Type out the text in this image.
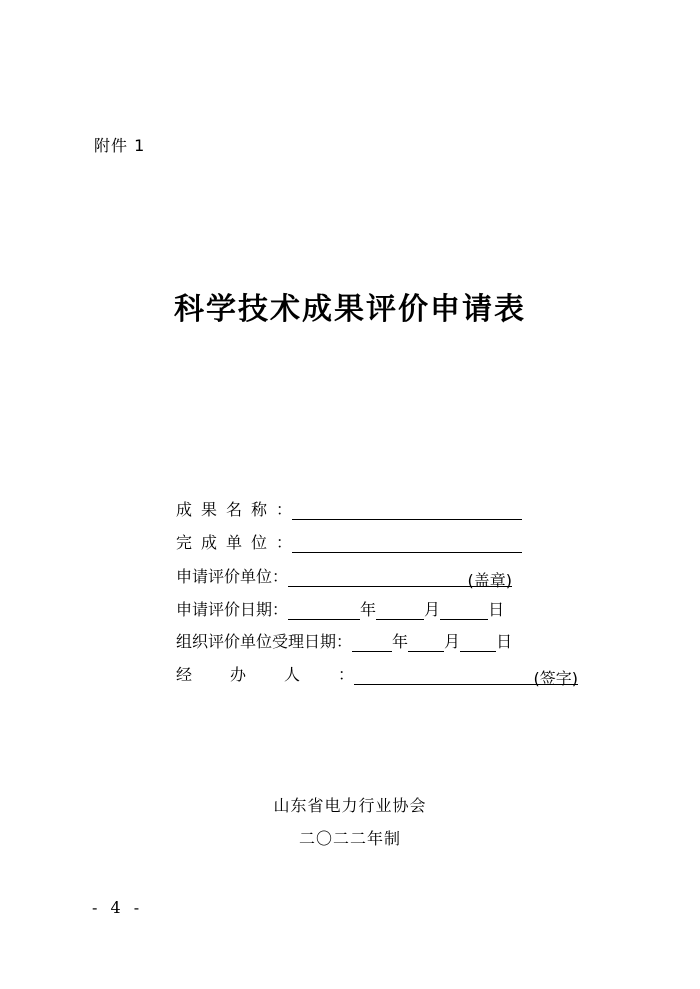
附件 1
科学技术成果评价申请表
成果名称 ：
完成单位 ：
申请评价单位 ：	(盖章)
申请评价日期 ：	年	月	日
组织评价单位受理日期 ：	年 月 日
经办人 ：	(签字)
山东省电力行业协会
二〇二二年制
- 4 -
